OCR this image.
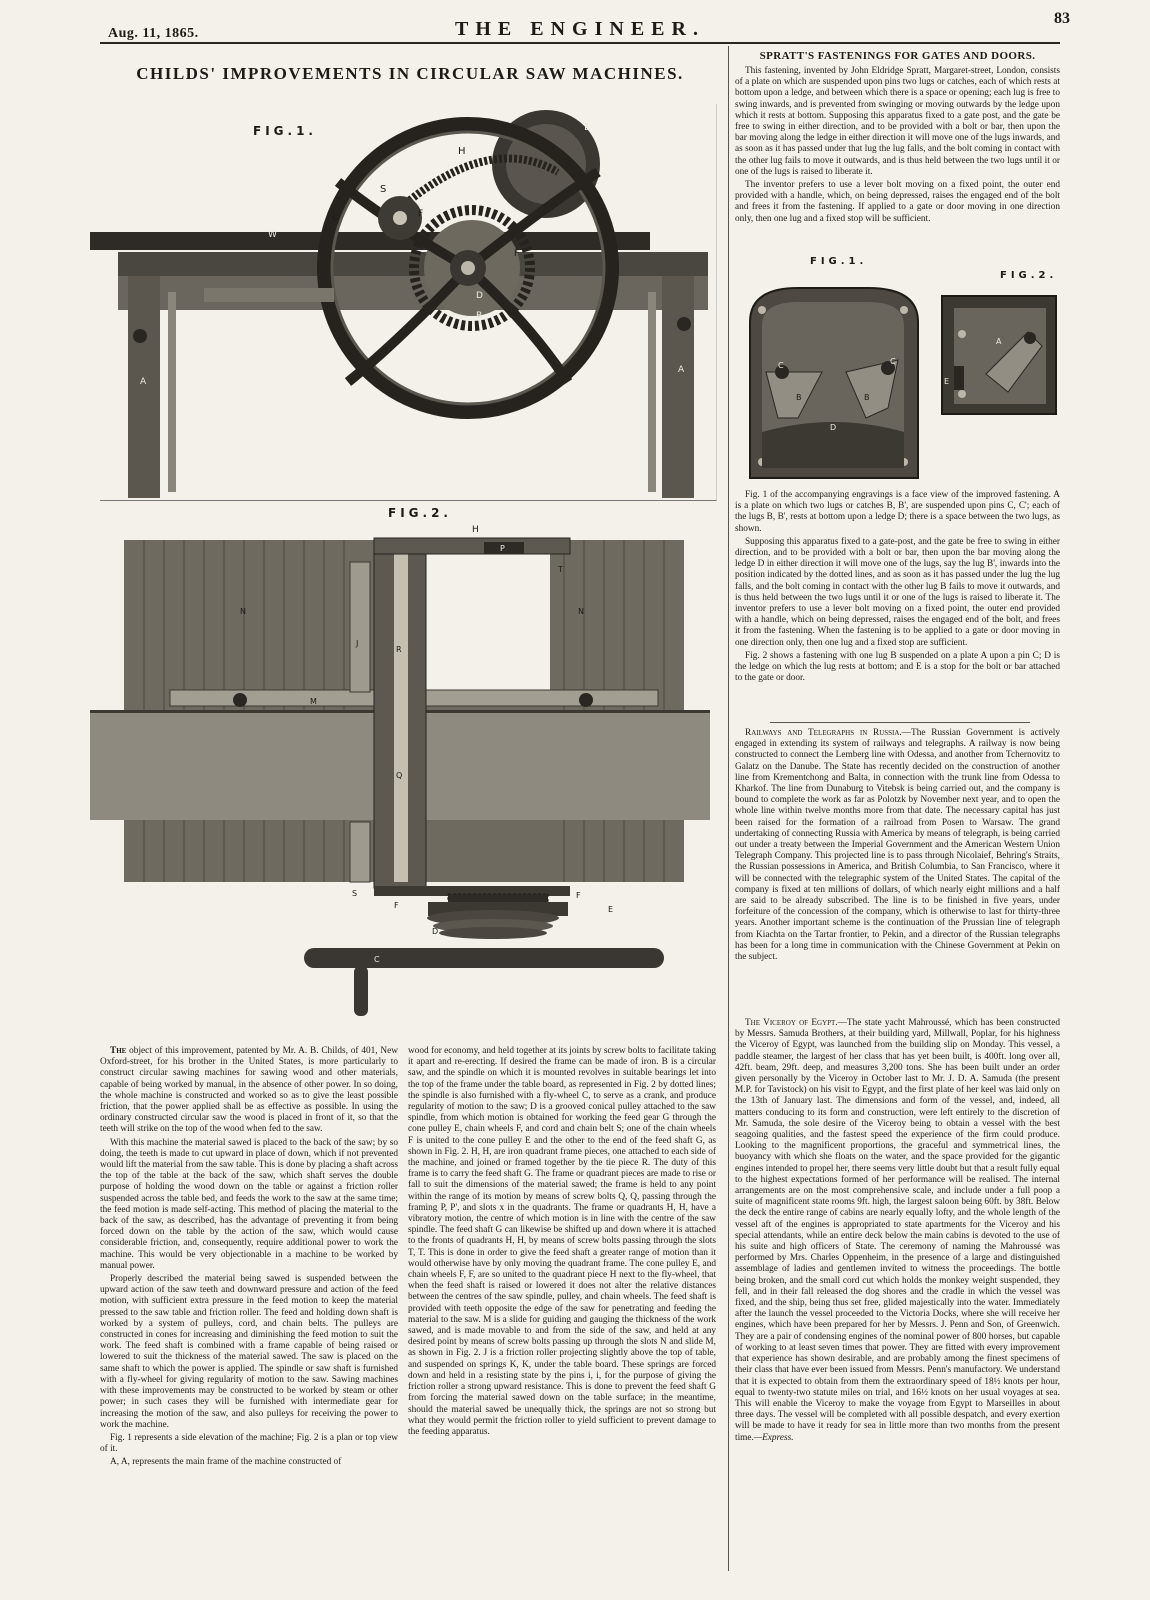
Aug. 11, 1865.	THE ENGINEER.	83
CHILDS' IMPROVEMENTS IN CIRCULAR SAW MACHINES.
FIG.1.
W
H
E
S
F
F
D
B
C
A
A
FIG.2.
H
P
T
N	N
J
R
M
Q
S
F
F
D
E
C

The object of this improvement, patented by Mr. A. B. Childs, of 401, New Oxford-street, for his brother in the United States, is more particularly to construct circular sawing machines for sawing wood and other materials, capable of being worked by manual, in the absence of other power. In so doing, the whole machine is constructed and worked so as to give the least possible friction, that the power applied shall be as effective as possible. In using the ordinary constructed circular saw the wood is placed in front of it, so that the teeth will strike on the top of the wood when fed to the saw.

With this machine the material sawed is placed to the back of the saw; by so doing, the teeth is made to cut upward in place of down, which if not prevented would lift the material from the saw table. This is done by placing a shaft across the top of the table at the back of the saw, which shaft serves the double purpose of holding the wood down on the table or against a friction roller suspended across the table bed, and feeds the work to the saw at the same time; the feed motion is made self-acting. This method of placing the material to the back of the saw, as described, has the advantage of preventing it from being forced down on the table by the action of the saw, which would cause considerable friction, and, consequently, require additional power to work the machine. This would be very objectionable in a machine to be worked by manual power.

Properly described the material being sawed is suspended between the upward action of the saw teeth and downward pressure and action of the feed motion, with sufficient extra pressure in the feed motion to keep the material pressed to the saw table and friction roller. The feed and holding down shaft is worked by a system of pulleys, cord, and chain belts. The pulleys are constructed in cones for increasing and diminishing the feed motion to suit the work. The feed shaft is combined with a frame capable of being raised or lowered to suit the thickness of the material sawed. The saw is placed on the same shaft to which the power is applied. The spindle or saw shaft is furnished with a fly-wheel for giving regularity of motion to the saw. Sawing machines with these improvements may be constructed to be worked by steam or other power; in such cases they will be furnished with intermediate gear for increasing the motion of the saw, and also pulleys for receiving the power to work the machine.

Fig. 1 represents a side elevation of the machine; Fig. 2 is a plan or top view of it.

A, A, represents the main frame of the machine constructed of

wood for economy, and held together at its joints by screw bolts to facilitate taking it apart and re-erecting. If desired the frame can be made of iron. B is a circular saw, and the spindle on which it is mounted revolves in suitable bearings let into the top of the frame under the table board, as represented in Fig. 2 by dotted lines; the spindle is also furnished with a fly-wheel C, to serve as a crank, and produce regularity of motion to the saw; D is a grooved conical pulley attached to the saw spindle, from which motion is obtained for working the feed gear G through the cone pulley E, chain wheels F, and cord and chain belt S; one of the chain wheels F is united to the cone pulley E and the other to the end of the feed shaft G, as shown in Fig. 2. H, H, are iron quadrant frame pieces, one attached to each side of the machine, and joined or framed together by the tie piece R. The duty of this frame is to carry the feed shaft G. The frame or quadrant pieces are made to rise or fall to suit the dimensions of the material sawed; the frame is held to any point within the range of its motion by means of screw bolts Q, Q, passing through the framing P, P', and slots x in the quadrants. The frame or quadrants H, H, have a vibratory motion, the centre of which motion is in line with the centre of the saw spindle. The feed shaft G can likewise be shifted up and down where it is attached to the fronts of quadrants H, H, by means of screw bolts passing through the slots T, T. This is done in order to give the feed shaft a greater range of motion than it would otherwise have by only moving the quadrant frame. The cone pulley E, and chain wheels F, F, are so united to the quadrant piece H next to the fly-wheel, that when the feed shaft is raised or lowered it does not alter the relative distances between the centres of the saw spindle, pulley, and chain wheels. The feed shaft is provided with teeth opposite the edge of the saw for penetrating and feeding the material to the saw. M is a slide for guiding and gauging the thickness of the work sawed, and is made movable to and from the side of the saw, and held at any desired point by means of screw bolts passing up through the slots N and slide M, as shown in Fig. 2. J is a friction roller projecting slightly above the top of table, and suspended on springs K, K, under the table board. These springs are forced down and held in a resisting state by the pins i, i, for the purpose of giving the friction roller a strong upward resistance. This is done to prevent the feed shaft G from forcing the material sawed down on the table surface; in the meantime, should the material sawed be unequally thick, the springs are not so strong but what they would permit the friction roller to yield sufficient to prevent damage to the feeding apparatus.

SPRATT'S FASTENINGS FOR GATES AND DOORS.

This fastening, invented by John Eldridge Spratt, Margaret-street, London, consists of a plate on which are suspended upon pins two lugs or catches, each of which rests at bottom upon a ledge, and between which there is a space or opening; each lug is free to swing inwards, and is prevented from swinging or moving outwards by the ledge upon which it rests at bottom. Supposing this apparatus fixed to a gate post, and the gate be free to swing in either direction, and to be provided with a bolt or bar, then upon the bar moving along the ledge in either direction it will move one of the lugs inwards, and as soon as it has passed under that lug the lug falls, and the bolt coming in contact with the other lug fails to move it outwards, and is thus held between the two lugs until it or one of the lugs is raised to liberate it.

The inventor prefers to use a lever bolt moving on a fixed point, the outer end provided with a handle, which, on being depressed, raises the engaged end of the bolt and frees it from the fastening. If applied to a gate or door moving in one direction only, then one lug and a fixed stop will be sufficient.

FIG.1.
FIG.2.
C	C
B	B
D
A
E

Fig. 1 of the accompanying engravings is a face view of the improved fastening. A is a plate on which two lugs or catches B, B', are suspended upon pins C, C'; each of the lugs B, B', rests at bottom upon a ledge D; there is a space between the two lugs, as shown.

Supposing this apparatus fixed to a gate-post, and the gate be free to swing in either direction, and to be provided with a bolt or bar, then upon the bar moving along the ledge D in either direction it will move one of the lugs, say the lug B', inwards into the position indicated by the dotted lines, and as soon as it has passed under the lug the lug falls, and the bolt coming in contact with the other lug B fails to move it outwards, and is thus held between the two lugs until it or one of the lugs is raised to liberate it. The inventor prefers to use a lever bolt moving on a fixed point, the outer end provided with a handle, which on being depressed, raises the engaged end of the bolt, and frees it from the fastening. When the fastening is to be applied to a gate or door moving in one direction only, then one lug and a fixed stop are sufficient.

Fig. 2 shows a fastening with one lug B suspended on a plate A upon a pin C; D is the ledge on which the lug rests at bottom; and E is a stop for the bolt or bar attached to the gate or door.

Railways and Telegraphs in Russia.—The Russian Government is actively engaged in extending its system of railways and telegraphs. A railway is now being constructed to connect the Lemberg line with Odessa, and another from Tchernovitz to Galatz on the Danube. The State has recently decided on the construction of another line from Krementchong and Balta, in connection with the trunk line from Odessa to Kharkof. The line from Dunaburg to Vitebsk is being carried out, and the company is bound to complete the work as far as Polotzk by November next year, and to open the whole line within twelve months more from that date. The necessary capital has just been raised for the formation of a railroad from Posen to Warsaw. The grand undertaking of connecting Russia with America by means of telegraph, is being carried out under a treaty between the Imperial Government and the American Western Union Telegraph Company. This projected line is to pass through Nicolaief, Behring's Straits, the Russian possessions in America, and British Columbia, to San Francisco, where it will be connected with the telegraphic system of the United States. The capital of the company is fixed at ten millions of dollars, of which nearly eight millions and a half are said to be already subscribed. The line is to be finished in five years, under forfeiture of the concession of the company, which is otherwise to last for thirty-three years. Another important scheme is the continuation of the Prussian line of telegraph from Kiachta on the Tartar frontier, to Pekin, and a director of the Russian telegraphs has been for a long time in communication with the Chinese Government at Pekin on the subject.

The Viceroy of Egypt.—The state yacht Mahroussé, which has been constructed by Messrs. Samuda Brothers, at their building yard, Millwall, Poplar, for his highness the Viceroy of Egypt, was launched from the building slip on Monday. This vessel, a paddle steamer, the largest of her class that has yet been built, is 400ft. long over all, 42ft. beam, 29ft. deep, and measures 3,200 tons. She has been built under an order given personally by the Viceroy in October last to Mr. J. D. A. Samuda (the present M.P. for Tavistock) on his visit to Egypt, and the first plate of her keel was laid only on the 13th of January last. The dimensions and form of the vessel, and, indeed, all matters conducing to its form and construction, were left entirely to the discretion of Mr. Samuda, the sole desire of the Viceroy being to obtain a vessel with the best seagoing qualities, and the fastest speed the experience of the firm could produce. Looking to the magnificent proportions, the graceful and symmetrical lines, the buoyancy with which she floats on the water, and the space provided for the gigantic engines intended to propel her, there seems very little doubt but that a result fully equal to the highest expectations formed of her performance will be realised. The internal arrangements are on the most comprehensive scale, and include under a full poop a suite of magnificent state rooms 9ft. high, the largest saloon being 60ft. by 38ft. Below the deck the entire range of cabins are nearly equally lofty, and the whole length of the vessel aft of the engines is appropriated to state apartments for the Viceroy and his special attendants, while an entire deck below the main cabins is devoted to the use of his suite and high officers of State. The ceremony of naming the Mahroussé was performed by Mrs. Charles Oppenheim, in the presence of a large and distinguished assemblage of ladies and gentlemen invited to witness the proceedings. The bottle being broken, and the small cord cut which holds the monkey weight suspended, they fell, and in their fall released the dog shores and the cradle in which the vessel was fixed, and the ship, being thus set free, glided majestically into the water. Immediately after the launch the vessel proceeded to the Victoria Docks, where she will receive her engines, which have been prepared for her by Messrs. J. Penn and Son, of Greenwich. They are a pair of condensing engines of the nominal power of 800 horses, but capable of working to at least seven times that power. They are fitted with every improvement that experience has shown desirable, and are probably among the finest specimens of their class that have ever been issued from Messrs. Penn's manufactory. We understand that it is expected to obtain from them the extraordinary speed of 18½ knots per hour, equal to twenty-two statute miles on trial, and 16½ knots on her usual voyages at sea. This will enable the Viceroy to make the voyage from Egypt to Marseilles in about three days. The vessel will be completed with all possible despatch, and every exertion will be made to have it ready for sea in little more than two months from the present time.—Express.
